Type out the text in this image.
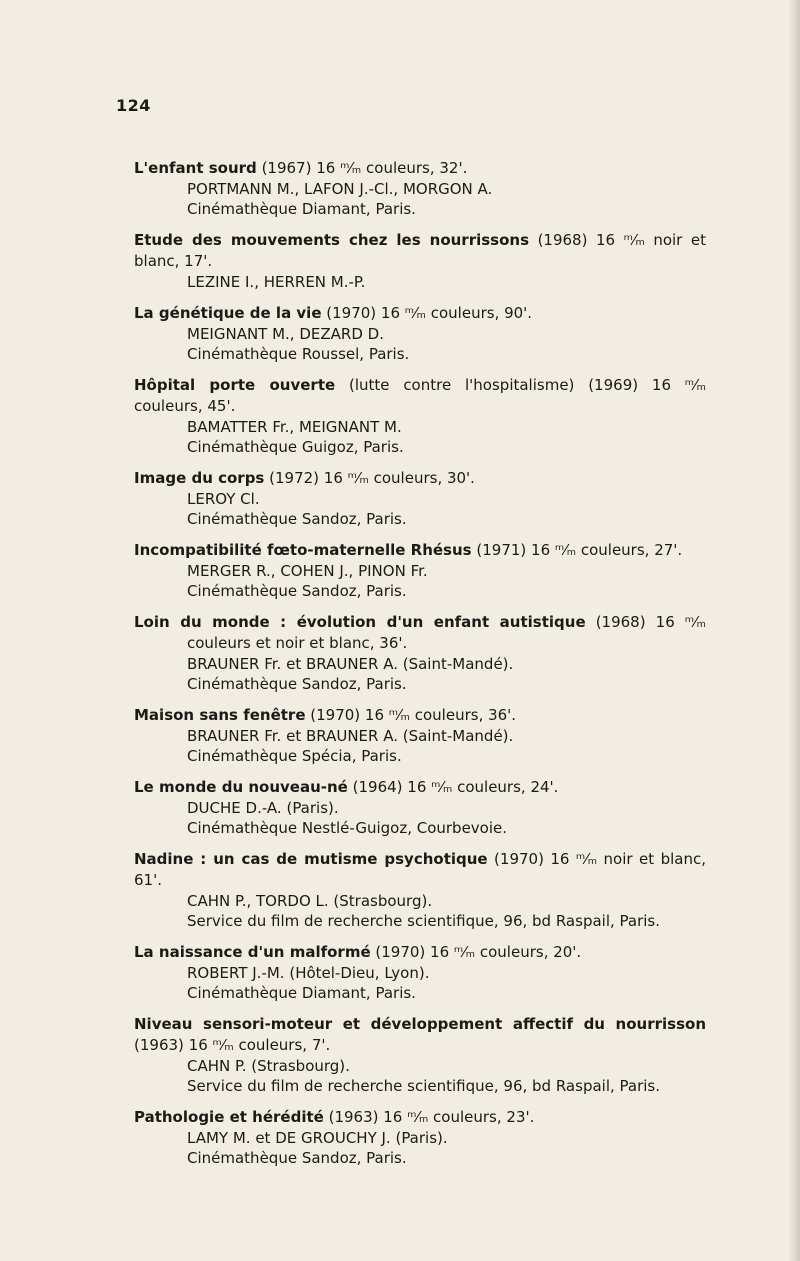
124
L'enfant sourd (1967) 16 ᵐ⁄ₘ couleurs, 32'.
PORTMANN M., LAFON J.-Cl., MORGON A.
Cinémathèque Diamant, Paris.
Etude des mouvements chez les nourrissons (1968) 16 ᵐ⁄ₘ noir et blanc, 17'.
LEZINE I., HERREN M.-P.
La génétique de la vie (1970) 16 ᵐ⁄ₘ couleurs, 90'.
MEIGNANT M., DEZARD D.
Cinémathèque Roussel, Paris.
Hôpital porte ouverte (lutte contre l'hospitalisme) (1969) 16 ᵐ⁄ₘ couleurs, 45'.
BAMATTER Fr., MEIGNANT M.
Cinémathèque Guigoz, Paris.
Image du corps (1972) 16 ᵐ⁄ₘ couleurs, 30'.
LEROY Cl.
Cinémathèque Sandoz, Paris.
Incompatibilité fœto-maternelle Rhésus (1971) 16 ᵐ⁄ₘ couleurs, 27'.
MERGER R., COHEN J., PINON Fr.
Cinémathèque Sandoz, Paris.
Loin du monde : évolution d'un enfant autistique (1968) 16 ᵐ⁄ₘ couleurs et noir et blanc, 36'.
BRAUNER Fr. et BRAUNER A. (Saint-Mandé).
Cinémathèque Sandoz, Paris.
Maison sans fenêtre (1970) 16 ᵐ⁄ₘ couleurs, 36'.
BRAUNER Fr. et BRAUNER A. (Saint-Mandé).
Cinémathèque Spécia, Paris.
Le monde du nouveau-né (1964) 16 ᵐ⁄ₘ couleurs, 24'.
DUCHE D.-A. (Paris).
Cinémathèque Nestlé-Guigoz, Courbevoie.
Nadine : un cas de mutisme psychotique (1970) 16 ᵐ⁄ₘ noir et blanc, 61'.
CAHN P., TORDO L. (Strasbourg).
Service du film de recherche scientifique, 96, bd Raspail, Paris.
La naissance d'un malformé (1970) 16 ᵐ⁄ₘ couleurs, 20'.
ROBERT J.-M. (Hôtel-Dieu, Lyon).
Cinémathèque Diamant, Paris.
Niveau sensori-moteur et développement affectif du nourrisson (1963) 16 ᵐ⁄ₘ couleurs, 7'.
CAHN P. (Strasbourg).
Service du film de recherche scientifique, 96, bd Raspail, Paris.
Pathologie et hérédité (1963) 16 ᵐ⁄ₘ couleurs, 23'.
LAMY M. et DE GROUCHY J. (Paris).
Cinémathèque Sandoz, Paris.
